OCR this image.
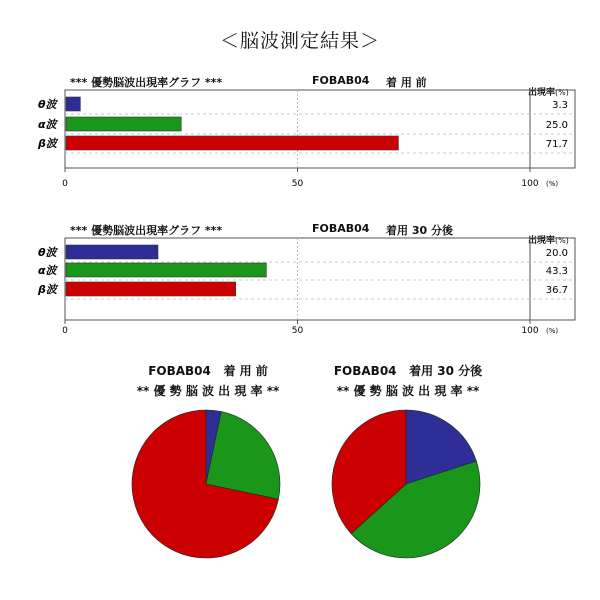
＜脳波測定結果＞
*** 優勢脳波出現率グラフ ***	FOBAB04 着 用 前
出現率(%)
*** 優勢脳波出現率グラフ ***	FOBAB04 着用 30 分後
出現率(%)
FOBAB04 着 用 前
** 優 勢 脳 波 出 現 率 **
FOBAB04 着用 30 分後
** 優 勢 脳 波 出 現 率 **
θ波	3.3
α波	25.0
β波	71.7
0	50	100 (%)
θ波	20.0
α波	43.3
β波	36.7
0	50	100 (%)
